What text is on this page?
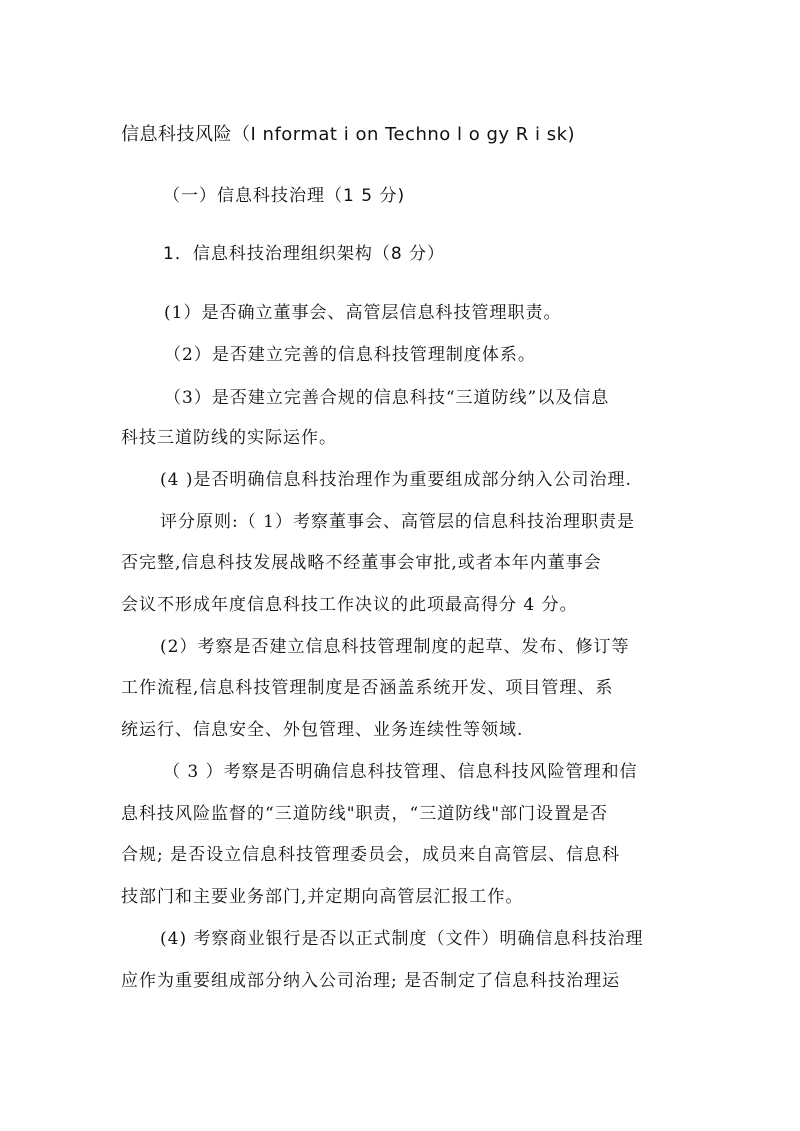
信息科技风险（I nformat i on Techno l o gy R i sk)
（一）信息科技治理（1 5 分)
1．信息科技治理组织架构（8 分）
(1）是否确立董事会、高管层信息科技管理职责。
（2）是否建立完善的信息科技管理制度体系。
（3）是否建立完善合规的信息科技“三道防线”以及信息
科技三道防线的实际运作。
(4 )是否明确信息科技治理作为重要组成部分纳入公司治理.
评分原则:（ 1）考察董事会、高管层的信息科技治理职责是
否完整,信息科技发展战略不经董事会审批,或者本年内董事会
会议不形成年度信息科技工作决议的此项最高得分 4 分。
(2）考察是否建立信息科技管理制度的起草、发布、修订等
工作流程,信息科技管理制度是否涵盖系统开发、项目管理、系
统运行、信息安全、外包管理、业务连续性等领域.
（ 3 ）考察是否明确信息科技管理、信息科技风险管理和信
息科技风险监督的“三道防线"职责，“三道防线"部门设置是否
合规; 是否设立信息科技管理委员会，成员来自高管层、信息科
技部门和主要业务部门,并定期向高管层汇报工作。
(4) 考察商业银行是否以正式制度（文件）明确信息科技治理
应作为重要组成部分纳入公司治理; 是否制定了信息科技治理运
